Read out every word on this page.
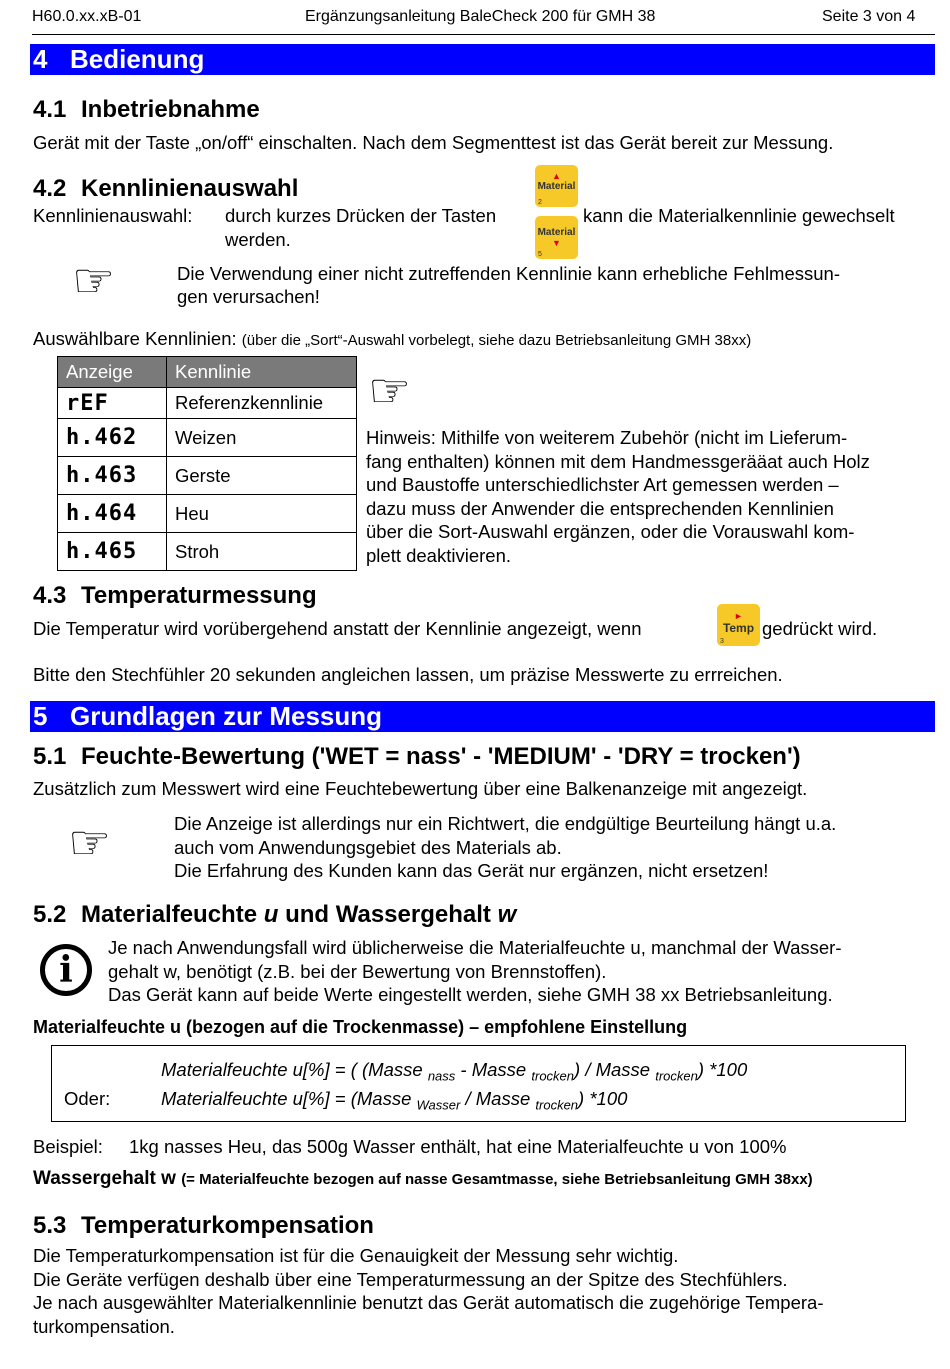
H60.0.xx.xB-01	Ergänzungsanleitung BaleCheck 200 für GMH 38	Seite 3 von 4
4 Bedienung
4.1 Inbetriebnahme
Gerät mit der Taste „on/off“ einschalten. Nach dem Segmenttest ist das Gerät bereit zur Messung.
4.2 Kennlinienauswahl
Kennlinienauswahl: durch kurzes Drücken der Tasten
werden.
kann die Materialkennlinie gewechselt
▲
Material
2
Material
▼
5
☞	Die Verwendung einer nicht zutreffenden Kennlinie kann erhebliche Fehlmessun-
gen verursachen!
Auswählbare Kennlinien: (über die „Sort“-Auswahl vorbelegt, siehe dazu Betriebsanleitung GMH 38xx)
Anzeige	Kennlinie
rEF	Referenzkennlinie
h.462	Weizen
h.463	Gerste
h.464	Heu
h.465	Stroh
☞
Hinweis: Mithilfe von weiterem Zubehör (nicht im Lieferum-
fang enthalten) können mit dem Handmessgerääat auch Holz
und Baustoffe unterschiedlichster Art gemessen werden –
dazu muss der Anwender die entsprechenden Kennlinien
über die Sort-Auswahl ergänzen, oder die Vorauswahl kom-
plett deaktivieren.
4.3 Temperaturmessung
Die Temperatur wird vorübergehend anstatt der Kennlinie angezeigt, wenn
►
Temp
3
gedrückt wird.
Bitte den Stechfühler 20 sekunden angleichen lassen, um präzise Messwerte zu errreichen.
5 Grundlagen zur Messung
5.1 Feuchte-Bewertung ('WET = nass' - 'MEDIUM' - 'DRY = trocken')
Zusätzlich zum Messwert wird eine Feuchtebewertung über eine Balkenanzeige mit angezeigt.
☞	Die Anzeige ist allerdings nur ein Richtwert, die endgültige Beurteilung hängt u.a.
auch vom Anwendungsgebiet des Materials ab.
Die Erfahrung des Kunden kann das Gerät nur ergänzen, nicht ersetzen!
5.2 Materialfeuchte u und Wassergehalt w
i
Je nach Anwendungsfall wird üblicherweise die Materialfeuchte u, manchmal der Wasser-
gehalt w, benötigt (z.B. bei der Bewertung von Brennstoffen).
Das Gerät kann auf beide Werte eingestellt werden, siehe GMH 38 xx Betriebsanleitung.
Materialfeuchte u (bezogen auf die Trockenmasse) – empfohlene Einstellung
Materialfeuchte u[%] = ( (Masse $_{nass}$ - Masse $_{trocken}$) / Masse $_{trocken}$) *100
Oder:	Materialfeuchte u[%] = (Masse $_{Wasser}$ / Masse $_{trocken}$) *100
Beispiel: 1kg nasses Heu, das 500g Wasser enthält, hat eine Materialfeuchte u von 100%
Wassergehalt w (= Materialfeuchte bezogen auf nasse Gesamtmasse, siehe Betriebsanleitung GMH 38xx)
5.3 Temperaturkompensation
Die Temperaturkompensation ist für die Genauigkeit der Messung sehr wichtig.
Die Geräte verfügen deshalb über eine Temperaturmessung an der Spitze des Stechfühlers.
Je nach ausgewählter Materialkennlinie benutzt das Gerät automatisch die zugehörige Tempera-
turkompensation.
